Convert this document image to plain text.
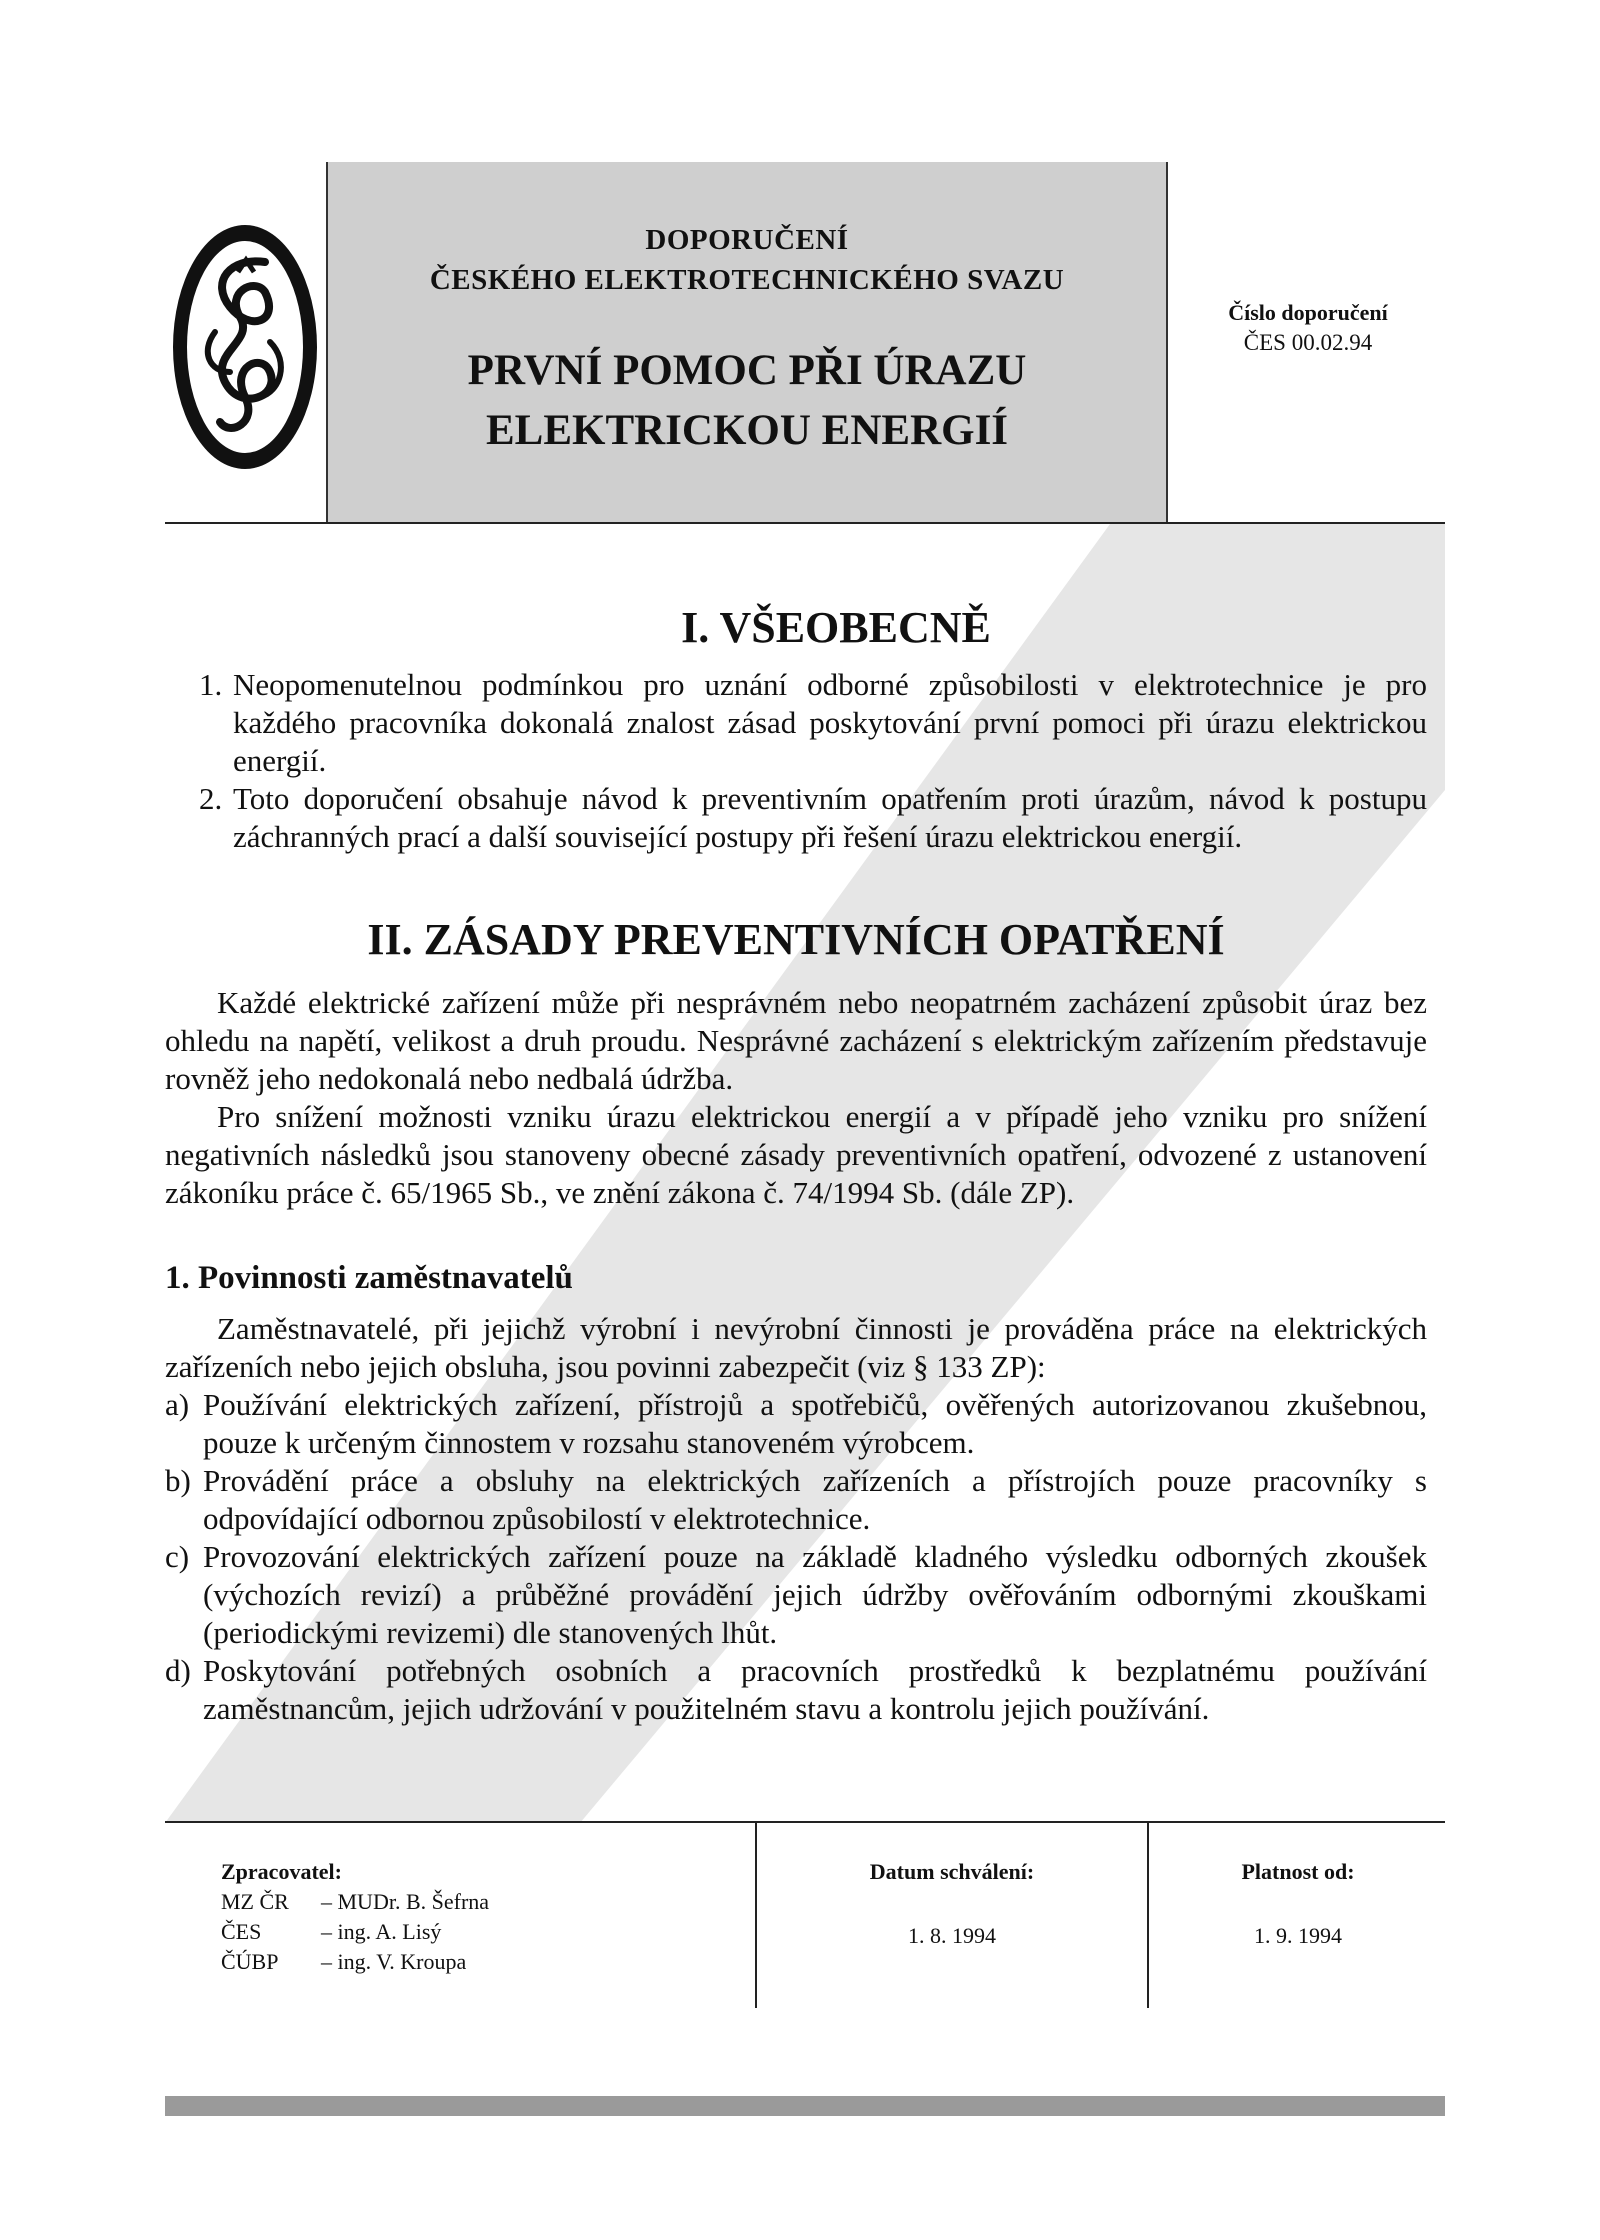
DOPORUČENÍ
ČESKÉHO ELEKTROTECHNICKÉHO SVAZU
PRVNÍ POMOC PŘI ÚRAZU
ELEKTRICKOU ENERGIÍ
Číslo doporučení
ČES 00.02.94
I. VŠEOBECNĚ
1. Neopomenutelnou podmínkou pro uznání odborné způsobilosti v elektrotechnice je pro každého pracovníka dokonalá znalost zásad poskytování první pomoci při úrazu elektrickou energií.
2. Toto doporučení obsahuje návod k preventivním opatřením proti úrazům, návod k postupu záchranných prací a další související postupy při řešení úrazu elektrickou energií.
II. ZÁSADY PREVENTIVNÍCH OPATŘENÍ

Každé elektrické zařízení může při nesprávném nebo neopatrném zacházení způsobit úraz bez ohledu na napětí, velikost a druh proudu. Nesprávné zacházení s elektrickým zařízením představuje rovněž jeho nedokonalá nebo nedbalá údržba.

Pro snížení možnosti vzniku úrazu elektrickou energií a v případě jeho vzniku pro snížení negativních následků jsou stanoveny obecné zásady preventivních opatření, odvozené z ustanovení zákoníku práce č. 65/1965 Sb., ve znění zákona č. 74/1994 Sb. (dále ZP).

1. Povinnosti zaměstnavatelů

Zaměstnavatelé, při jejichž výrobní i nevýrobní činnosti je prováděna práce na elektrických zařízeních nebo jejich obsluha, jsou povinni zabezpečit (viz § 133 ZP):

a) Používání elektrických zařízení, přístrojů a spotřebičů, ověřených autorizovanou zkušebnou, pouze k určeným činnostem v rozsahu stanoveném výrobcem.
b) Provádění práce a obsluhy na elektrických zařízeních a přístrojích pouze pracovníky s odpovídající odbornou způsobilostí v elektrotechnice.
c) Provozování elektrických zařízení pouze na základě kladného výsledku odborných zkoušek (výchozích revizí) a průběžné provádění jejich údržby ověřováním odbornými zkouškami (periodickými revizemi) dle stanovených lhůt.
d) Poskytování potřebných osobních a pracovních prostředků k bezplatnému používání zaměstnancům, jejich udržování v použitelném stavu a kontrolu jejich používání.
Zpracovatel:
MZ ČR – MUDr. B. Šefrna
ČES	– ing. A. Lisý
ČÚBP – ing. V. Kroupa
Datum schválení:
1. 8. 1994
Platnost od:
1. 9. 1994
